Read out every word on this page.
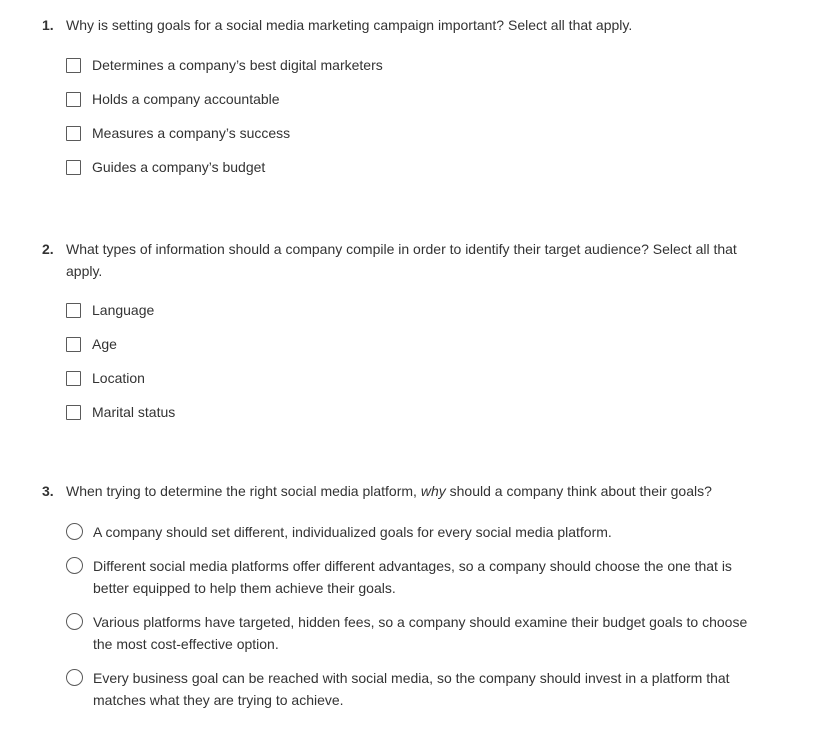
1. Why is setting goals for a social media marketing campaign important? Select all that apply.
Determines a company’s best digital marketers
Holds a company accountable
Measures a company’s success
Guides a company’s budget
2. What types of information should a company compile in order to identify their target audience? Select all that apply.
Language
Age
Location
Marital status
3. When trying to determine the right social media platform, why should a company think about their goals?
A company should set different, individualized goals for every social media platform.
Different social media platforms offer different advantages, so a company should choose the one that is better equipped to help them achieve their goals.
Various platforms have targeted, hidden fees, so a company should examine their budget goals to choose the most cost-effective option.
Every business goal can be reached with social media, so the company should invest in a platform that matches what they are trying to achieve.
